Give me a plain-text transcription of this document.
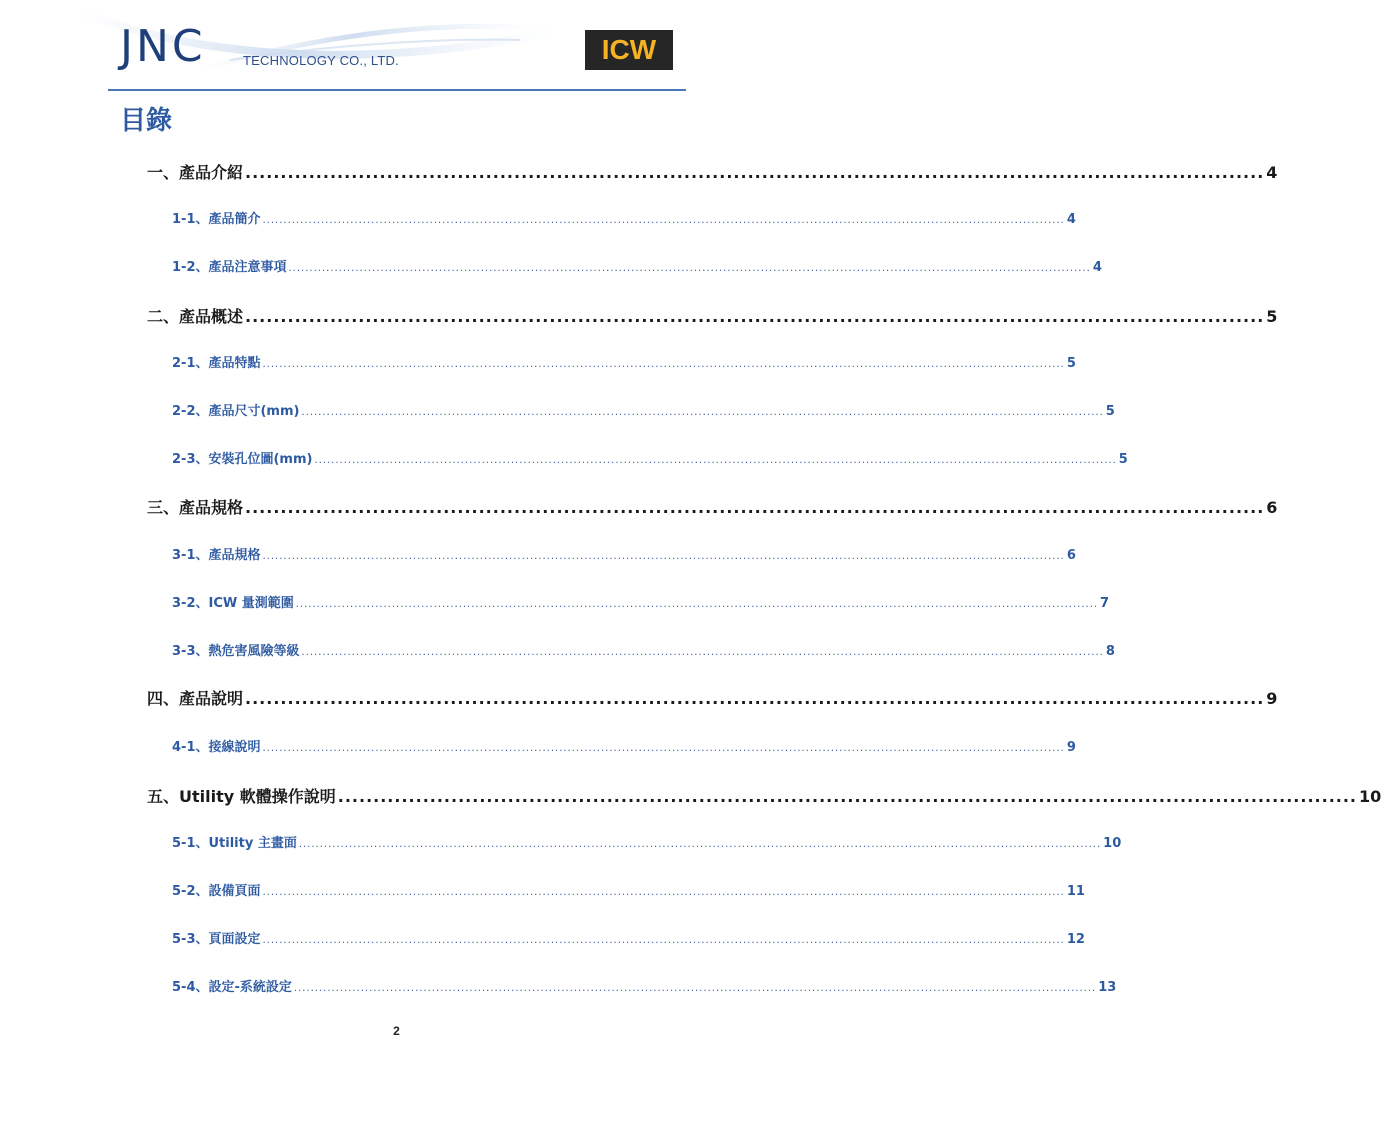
JNC	TECHNOLOGY CO., LTD.	ICW
目錄
一、產品介紹 ................................................................................................................................................ 4
1-1、產品簡介 ................................................................................................................................................................................................ 4
1-2、產品注意事項 ................................................................................................................................................................................................ 4
二、產品概述 ................................................................................................................................................ 5
2-1、產品特點 ................................................................................................................................................................................................ 5
2-2、產品尺寸(mm) ................................................................................................................................................................................................ 5
2-3、安裝孔位圖(mm) ................................................................................................................................................................................................ 5
三、產品規格 ................................................................................................................................................ 6
3-1、產品規格 ................................................................................................................................................................................................ 6
3-2、ICW 量測範圍 ................................................................................................................................................................................................ 7
3-3、熱危害風險等級 ................................................................................................................................................................................................ 8
四、產品說明 ................................................................................................................................................ 9
4-1、接線說明 ................................................................................................................................................................................................ 9
五、Utility 軟體操作說明 ................................................................................................................................................ 10
5-1、Utility 主畫面 ................................................................................................................................................................................................ 10
5-2、設備頁面 ................................................................................................................................................................................................ 11
5-3、頁面設定 ................................................................................................................................................................................................ 12
5-4、設定-系統設定 ................................................................................................................................................................................................ 13
2
